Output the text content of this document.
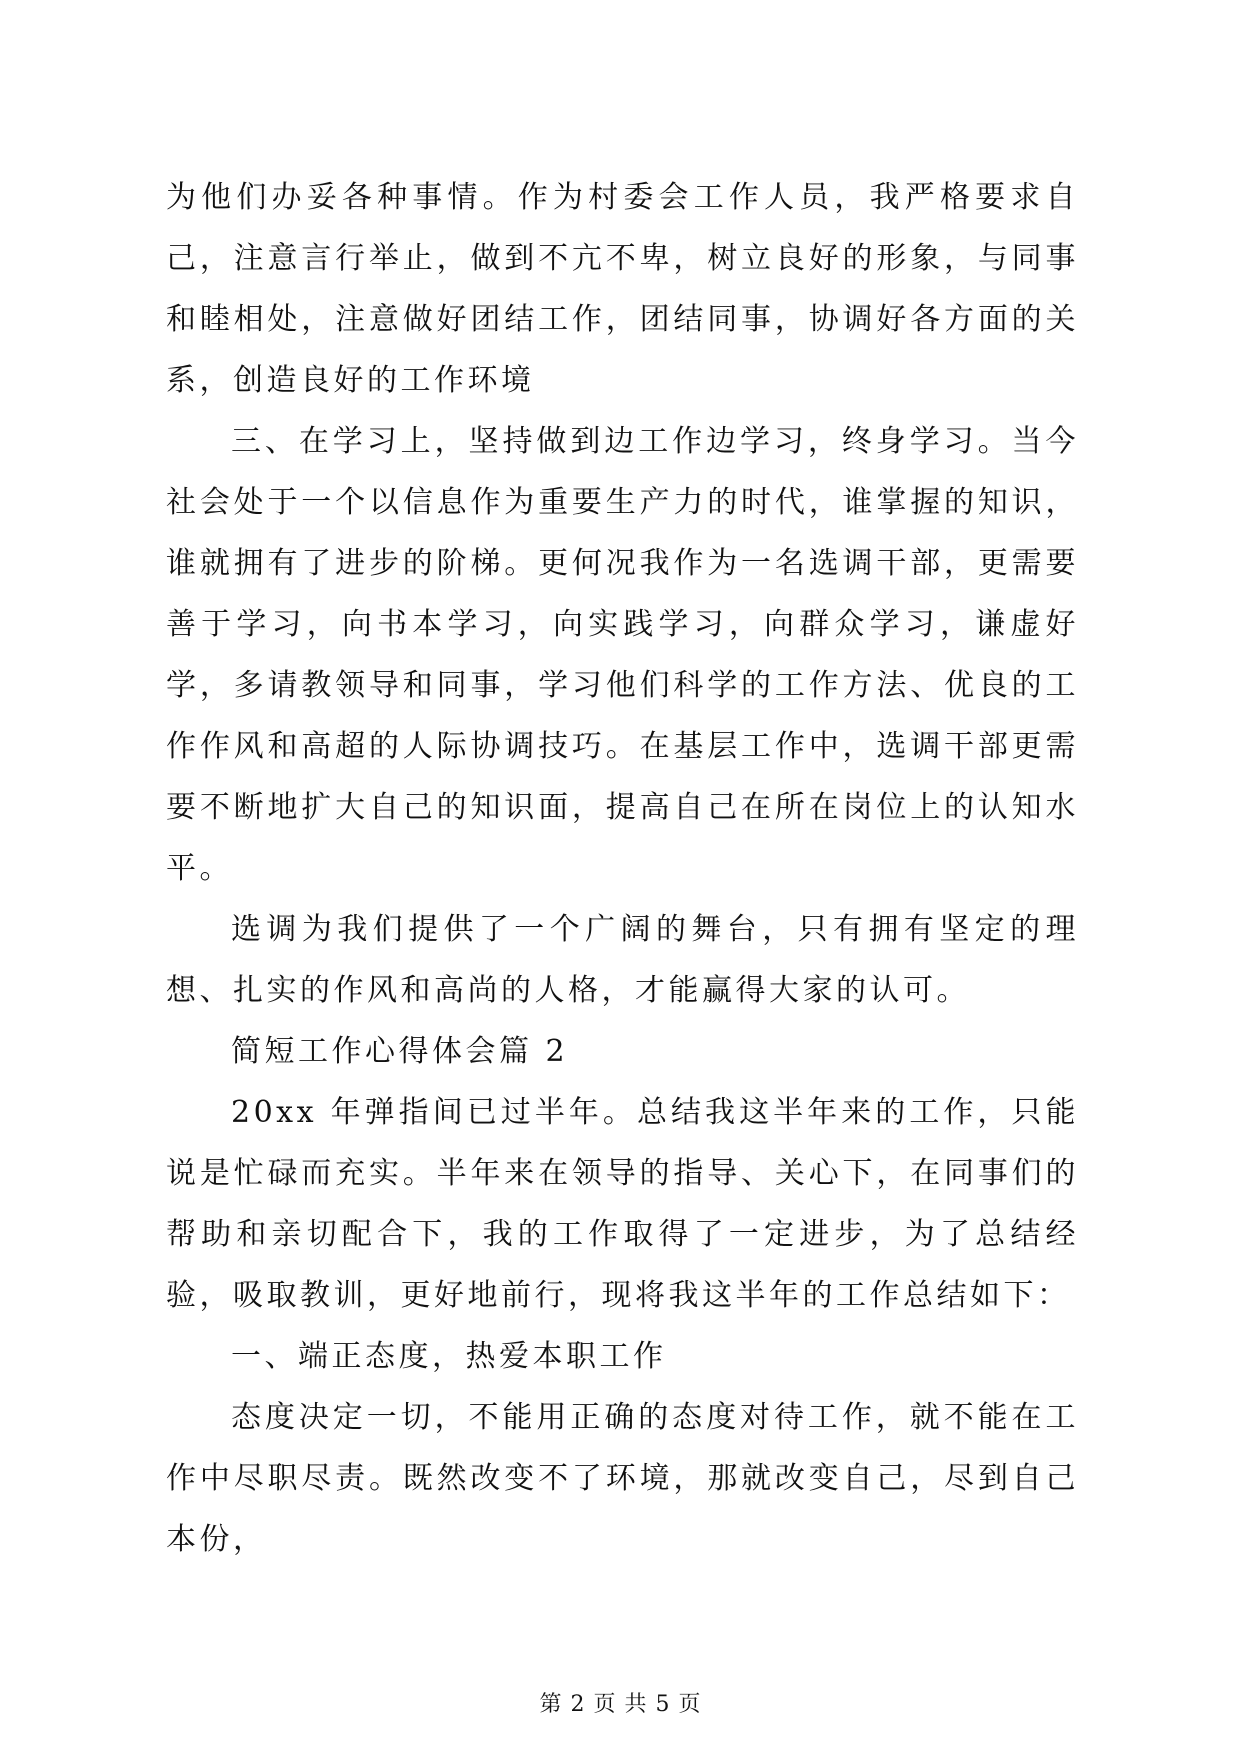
为他们办妥各种事情。作为村委会工作人员，我严格要求自己，注意言行举止，做到不亢不卑，树立良好的形象，与同事和睦相处，注意做好团结工作，团结同事，协调好各方面的关系，创造良好的工作环境

三、在学习上，坚持做到边工作边学习，终身学习。当今社会处于一个以信息作为重要生产力的时代，谁掌握的知识，谁就拥有了进步的阶梯。更何况我作为一名选调干部，更需要善于学习，向书本学习，向实践学习，向群众学习，谦虚好学，多请教领导和同事，学习他们科学的工作方法、优良的工作作风和高超的人际协调技巧。在基层工作中，选调干部更需要不断地扩大自己的知识面，提高自己在所在岗位上的认知水平。

选调为我们提供了一个广阔的舞台，只有拥有坚定的理想、扎实的作风和高尚的人格，才能赢得大家的认可。

简短工作心得体会篇 2

20xx 年弹指间已过半年。总结我这半年来的工作，只能说是忙碌而充实。半年来在领导的指导、关心下，在同事们的帮助和亲切配合下，我的工作取得了一定进步，为了总结经验，吸取教训，更好地前行，现将我这半年的工作总结如下：

一、端正态度，热爱本职工作

态度决定一切，不能用正确的态度对待工作，就不能在工作中尽职尽责。既然改变不了环境，那就改变自己，尽到自己本份，

第 2 页 共 5 页
